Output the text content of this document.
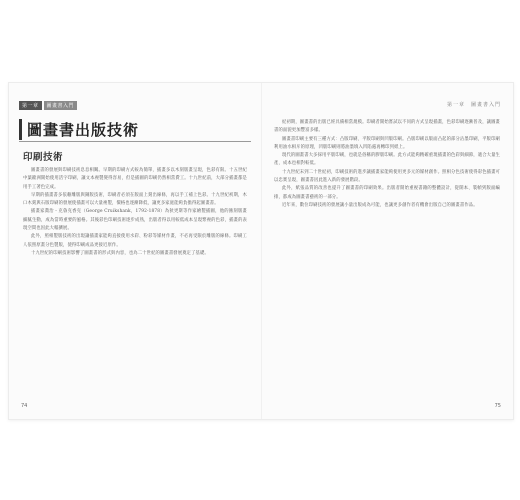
第一章	圖畫書入門
圖畫書出版技術
印刷技術

圖畫書的發展與印刷技術息息相關。早期的印刷方式較為簡單，插畫多以木刻版畫呈現，色彩有限。十五世紀中葉歐洲開始使用活字印刷，讓文本複製變得容易，但是插圖的印刷仍然相當費工。十九世紀前，大部分插畫都是用手工著色完成。

早期的插畫書多依賴雕版與銅版技術，印刷者必須在版面上刻出線條，再以手工補上色彩。十九世紀初期，木口木刻與石版印刷的發展使插畫可以大量複製，價格也逐漸降低，讓更多家庭能夠負擔得起圖畫書。

插畫家喬治・克魯克香克（George Cruikshank，1792-1878）為狄更斯等作家繪製插圖，他的蝕刻版畫細膩生動，成為當時重要的風格。其後彩色印刷技術逐步成熟，出版者得以用較低成本呈現繁複的色彩，插畫的表現空間也因此大幅擴展。

此外，照相製版技術的出現讓插畫家能夠直接使用水彩、粉彩等媒材作畫，不必再受限於雕版的線條。印刷工人依照原畫分色製版，使得印刷成品更接近原作。

十九世紀的印刷技術影響了圖畫書的形式與內容，也為二十世紀的圖畫書發展奠定了基礎。

74
第一章　圖畫書入門

紀初期，圖畫書的出版已經具備相當規模。印刷者開始嘗試以不同的方式呈現插畫，色彩印刷逐漸普及，讓圖畫書的面貌更加豐富多樣。

圖畫書印刷主要有三種方式：凸版印刷、平版印刷與凹版印刷。凸版印刷以版面凸起的部分沾墨印刷，平版印刷利用油水相斥的原理，凹版印刷則將油墨填入凹陷處再轉印到紙上。

現代的圖畫書大多採用平版印刷，也就是俗稱的膠版印刷。此方式能夠精確重現插畫的色彩與細節，適合大量生產，成本也相對較低。

十九世紀末到二十世紀初，印刷技術的進步讓插畫家能夠使用更多元的媒材創作。照相分色技術使得彩色插畫可以忠實呈現，圖畫書因此進入新的發展階段。

此外，紙張品質的改善也提升了圖畫書的印刷效果。出版者開始重視書籍的整體設計，從開本、裝幀到版面編排，都成為圖畫書藝術的一部分。

近年來，數位印刷技術的發展讓小量出版成為可能，也讓更多創作者有機會出版自己的圖畫書作品。

75
